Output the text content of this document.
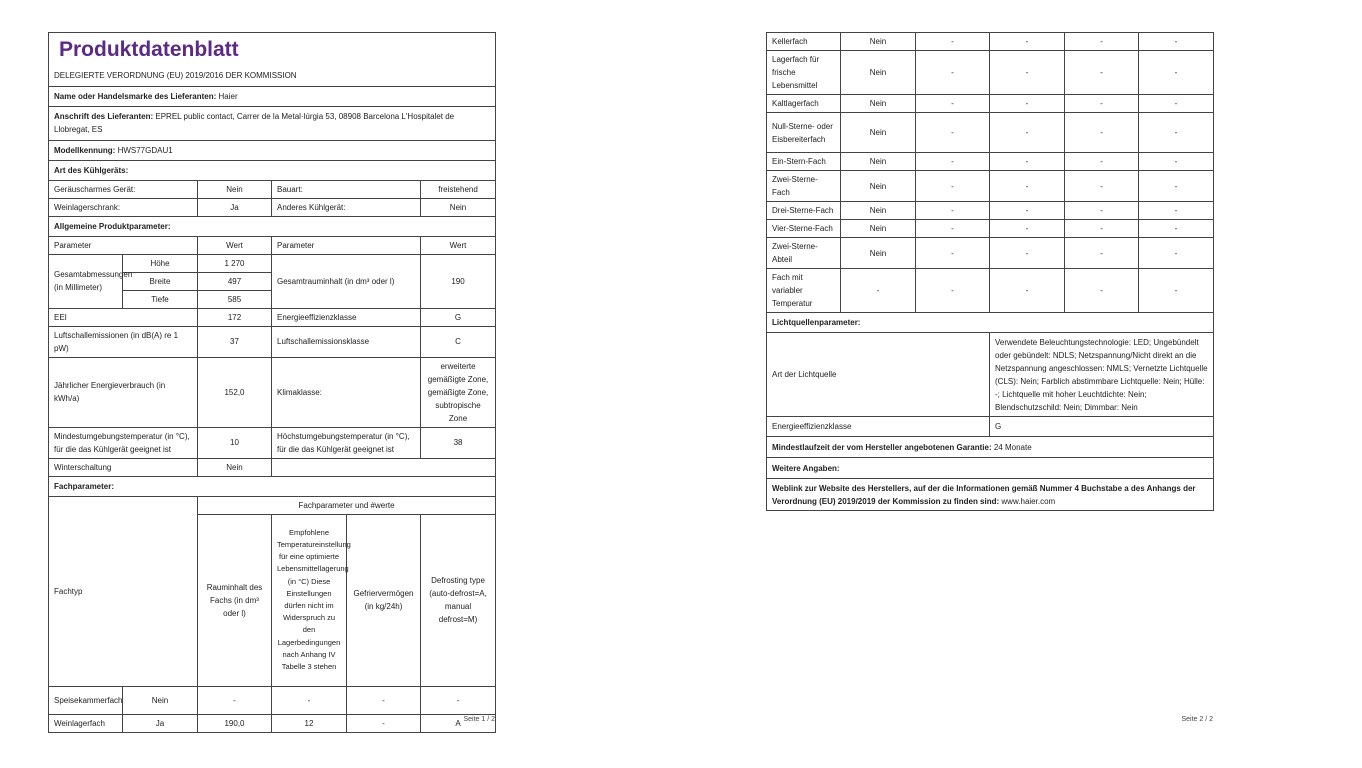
Produktdatenblatt					

DELEGIERTE VERORDNUNG (EU) 2019/2016 DER KOMMISSION					
Name oder Handelsmarke des Lieferanten: Haier					
Anschrift des Lieferanten: EPREL public contact, Carrer de la Metal·lúrgia 53, 08908 Barcelona L'Hospitalet de Llobregat, ES					
Modellkennung: HWS77GDAU1					
Art des Kühlgeräts:					
Geräuscharmes Gerät:		Nein	Bauart:		freistehend
Weinlagerschrank:		Ja	Anderes Kühlgerät:		Nein
Allgemeine Produktparameter:					
Parameter		Wert	Parameter		Wert
Gesamtabmessungen (in Millimeter)	Höhe	1 270	Gesamtrauminhalt (in dm³ oder l)		190
	Breite	497			
	Tiefe	585			
EEI		172	Energieeffizienzklasse		G
Luftschallemissionen (in dB(A) re 1 pW)		37	Luftschallemissionsklasse		C
Jährlicher Energieverbrauch (in kWh/a)		152,0	Klimaklasse:		erweiterte gemäßigte Zone, gemäßigte Zone, subtropische Zone
Mindestumgebungstemperatur (in °C), für die das Kühlgerät geeignet ist		10	Höchstumgebungstemperatur (in °C), für die das Kühlgerät geeignet ist		38
Winterschaltung		Nein			
Fachparameter:					
Fachtyp		Fachparameter und #werte			
		Rauminhalt des Fachs (in dm³ oder l)	Empfohlene Temperatureinstellung für eine optimierte Lebensmittellagerung (in °C) Diese Einstellungen dürfen nicht im Widerspruch zu den Lagerbedingungen nach Anhang IV Tabelle 3 stehen	Gefriervermögen (in kg/24h)	Defrosting type (auto-defrost=A, manual defrost=M)
Speisekammerfach	Nein	-	-	-	-
Weinlagerfach	Ja	190,0	12	-	A Seite 1 / 2
Kellerfach	Nein	-	-	-	-
Lagerfach für frische Lebensmittel	Nein	-	-	-	-
Kaltlagerfach	Nein	-	-	-	-
Null-Sterne- oder Eisbereiterfach	Nein	-	-	-	-
Ein-Stern-Fach	Nein	-	-	-	-
Zwei-Sterne-Fach	Nein	-	-	-	-
Drei-Sterne-Fach	Nein	-	-	-	-
Vier-Sterne-Fach	Nein	-	-	-	-
Zwei-Sterne-Abteil	Nein	-	-	-	-
Fach mit variabler Temperatur	-	-	-	-	-
Lichtquellenparameter:					
Art der Lichtquelle			Verwendete Beleuchtungstechnologie: LED; Ungebündelt oder gebündelt: NDLS; Netzspannung/Nicht direkt an die Netzspannung angeschlossen: NMLS; Vernetzte Lichtquelle (CLS): Nein; Farblich abstimmbare Lichtquelle: Nein; Hülle: -; Lichtquelle mit hoher Leuchtdichte: Nein; Blendschutzschild: Nein; Dimmbar: Nein		
Energieeffizienzklasse			G		
Mindestlaufzeit der vom Hersteller angebotenen Garantie: 24 Monate					
Weitere Angaben:					
Weblink zur Website des Herstellers, auf der die Informationen gemäß Nummer 4 Buchstabe a des Anhangs der Verordnung (EU) 2019/2019 der Kommission zu finden sind: www.haier.com					
Seite 2 / 2
